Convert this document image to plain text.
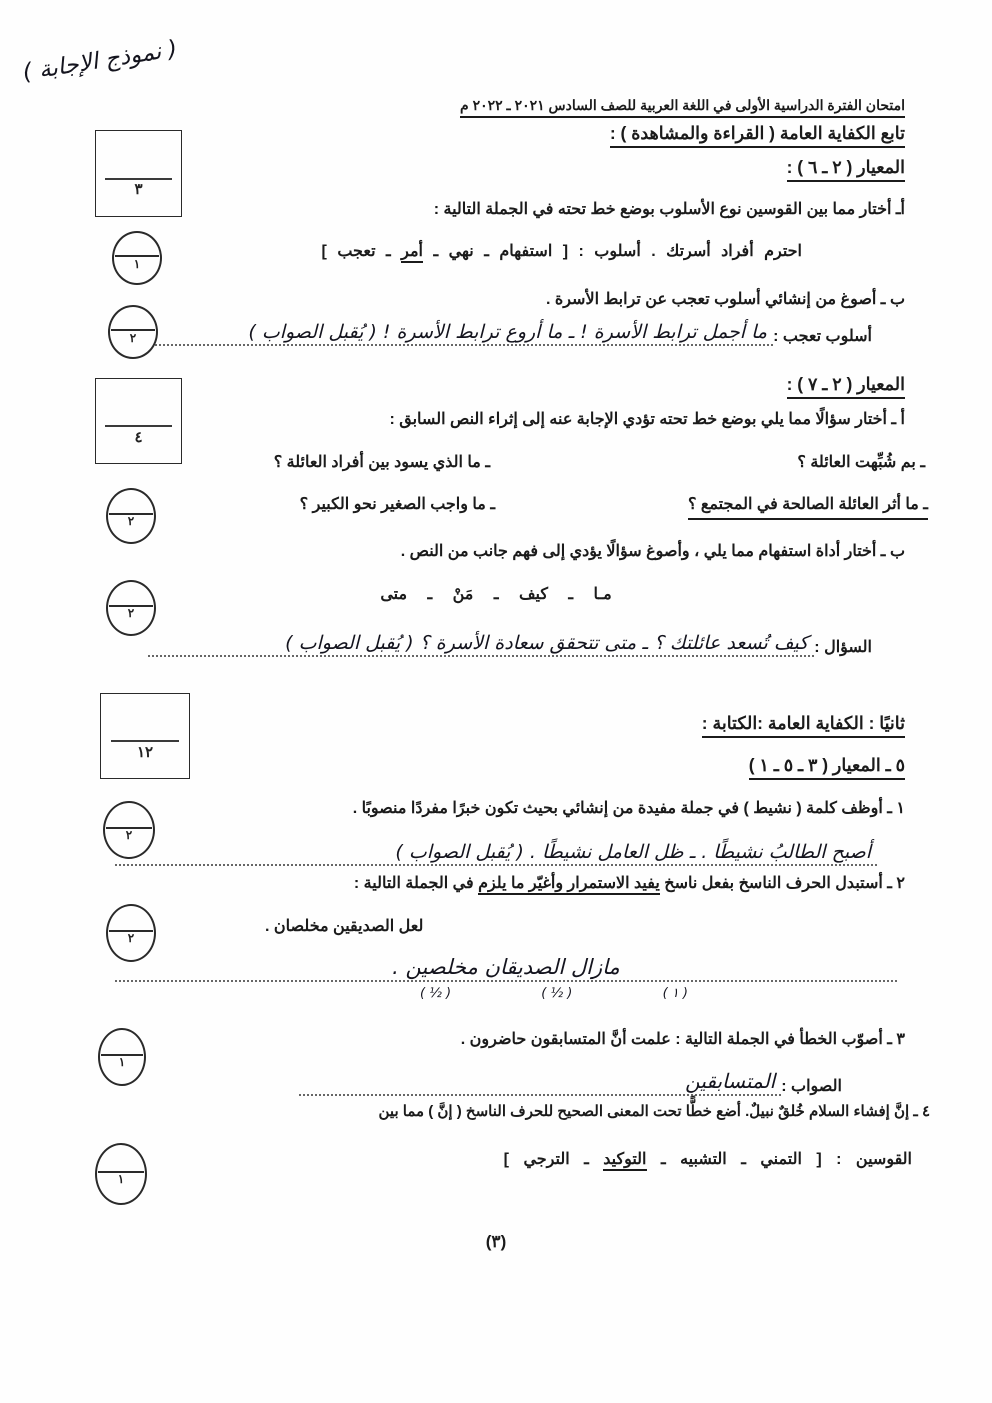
( نموذج الإجابة )
امتحان الفترة الدراسية الأولى في اللغة العربية للصف السادس ٢٠٢١ ـ ٢٠٢٢ م
تابع الكفاية العامة ( القراءة والمشاهدة ) :
المعيار ( ٢ ـ ٦ ) :
أـ أختار مما بين القوسين نوع الأسلوب بوضع خط تحته في الجملة التالية :
احترم أفراد أسرتك . أسلوب : [ استفهام ـ نهي ـ أمر ـ تعجب ]
ب ـ أصوغ من إنشائي أسلوب تعجب عن ترابط الأسرة .
أسلوب تعجب :
ما أجمل ترابط الأسرة ! ـ ما أروع ترابط الأسرة ! ( يُقبل الصواب )
المعيار ( ٢ ـ ٧ ) :
أ ـ أختار سؤالًا مما يلي بوضع خط تحته تؤدي الإجابة عنه إلى إثراء النص السابق :
ـ بم شُبِّهت العائلة ؟
ـ ما الذي يسود بين أفراد العائلة ؟
ـ ما أثر العائلة الصالحة في المجتمع ؟
ـ ما واجب الصغير نحو الكبير ؟
ب ـ أختار أداة استفهام مما يلي ، وأصوغ سؤالًا يؤدي إلى فهم جانب من النص .
مـا ـ كيف ـ مَنْ ـ متى
السؤال :
كيف تُسعد عائلتك ؟ ـ متى تتحقق سعادة الأسرة ؟ ( يُقبل الصواب )
ثانيًا : الكفاية العامة :الكتابة :
٥ ـ المعيار ( ٣ ـ ٥ ـ ١ )
١ ـ أوظف كلمة ( نشيط ) في جملة مفيدة من إنشائي بحيث تكون خبرًا مفردًا منصوبًا .
أصبح الطالبُ نشيطًا . ـ ظل العامل نشيطًا . ( يُقبل الصواب )
٢ ـ أستبدل الحرف الناسخ بفعل ناسخ يفيد الاستمرار وأغيّر ما يلزم في الجملة التالية :
لعل الصديقين مخلصان .
مازال الصديقان مخلصين .
( ١ )
( ½ )
( ½ )
٣ ـ أصوّب الخطأ في الجملة التالية : علمت أنَّ المتسابقون حاضرون .
الصواب :
المتسابقين
٤ ـ إنَّ إفشاء السلام خُلقٌ نبيلٌ. أضع خطًّا تحت المعنى الصحيح للحرف الناسخ ( إنَّ ) مما بين
القوسين : [ التمني ـ التشبيه ـ التوكيد ـ الترجي ]
(٣)
٣
٤
١٢
١
٢
٢
٢
٢
٢
١
١
